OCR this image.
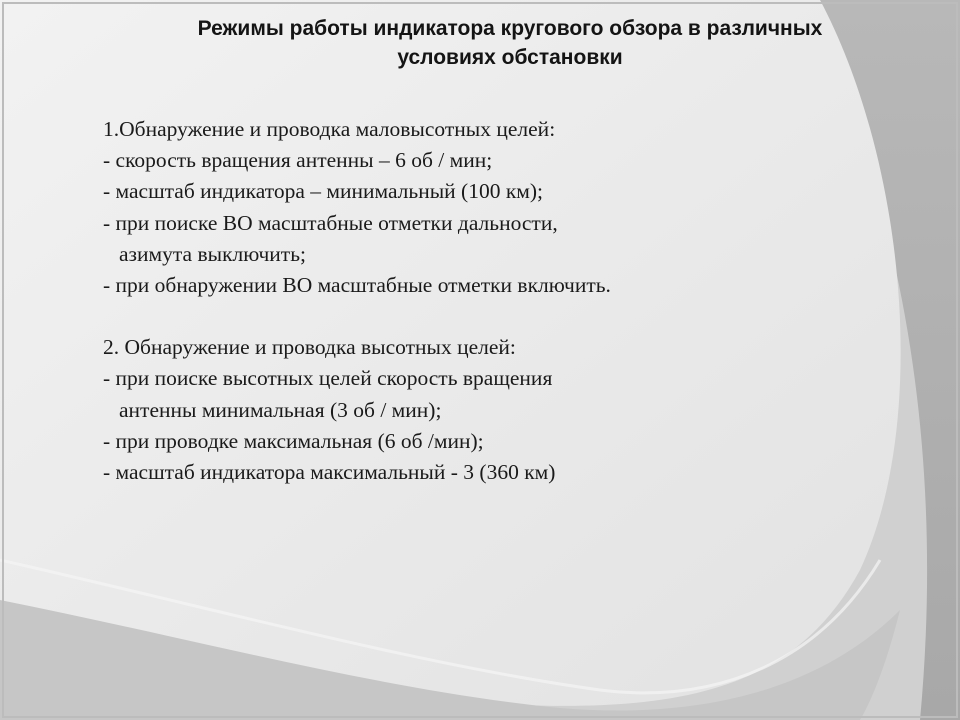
Режимы работы индикатора кругового обзора в различных
условиях обстановки
1.Обнаружение и проводка маловысотных целей:
- скорость вращения антенны – 6 об / мин;
- масштаб индикатора – минимальный (100 км);
- при поиске ВО масштабные отметки дальности,
азимута выключить;
- при обнаружении ВО масштабные отметки включить.
2. Обнаружение и проводка высотных целей:
- при поиске высотных целей скорость вращения
антенны минимальная (3 об / мин);
- при проводке максимальная (6 об /мин);
- масштаб индикатора максимальный - 3 (360 км)
